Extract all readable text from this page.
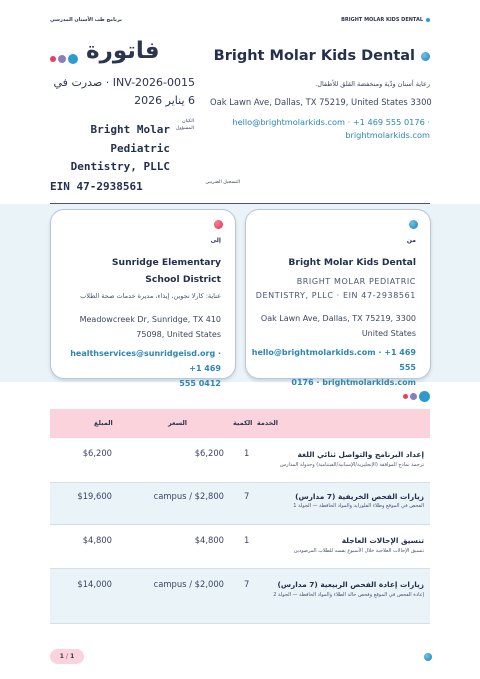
برنامج طب الأسنان المدرسي	BRIGHT MOLAR KIDS DENTAL
Bright Molar Kids Dental
رعاية أسنان ودّية ومنخفضة القلق للأطفال.
Oak Lawn Ave, Dallas, TX 75219, United States 3300
hello@brightmolarkids.com · +1 469 555 0176 ·
brightmolarkids.com
فاتورة
INV-2026-0015 · صدرت في
6 يناير 2026
الكيان المسؤول
Bright Molar
Pediatric
Dentistry, PLLC
EIN 47-2938561	التسجيل الضريبي
إلى
Sunridge Elementary
School District
عناية: كارلا نجوين، إيذاء، مديرة خدمات صحة الطلاب
Meadowcreek Dr, Sunridge, TX 410
75098, United States
healthservices@sunridgeisd.org · +1 469
555 0412
من
Bright Molar Kids Dental
BRIGHT MOLAR PEDIATRIC
DENTISTRY, PLLC · EIN 47-2938561
Oak Lawn Ave, Dallas, TX 75219, 3300
United States
hello@brightmolarkids.com · +1 469 555
0176 · brightmolarkids.com
الخدمة
الكمية
السعر
المبلغ
إعداد البرنامج والتواصل ثنائي اللغة
ترجمة نماذج الموافقة (الإنجليزية/الإسبانية/الفيتنامية) وجدولة المدارس
1
$6,200
$6,200
زيارات الفحص الخريفية (7 مدارس)
الفحص في الموقع وطلاء الفلورايد والمواد الحافظة — الجولة 1
7
campus / $2,800
$19,600
تنسيق الإحالات العاجلة
تنسيق الإحالات العلاجية خلال الأسبوع نفسه للطلاب المرصودين
1
$4,800
$4,800
زيارات إعادة الفحص الربيعية (7 مدارس)
إعادة الفحص في الموقع وفحص حالة الطلاء والمواد الحافظة — الجولة 2
7
campus / $2,000
$14,000
1 / 1
